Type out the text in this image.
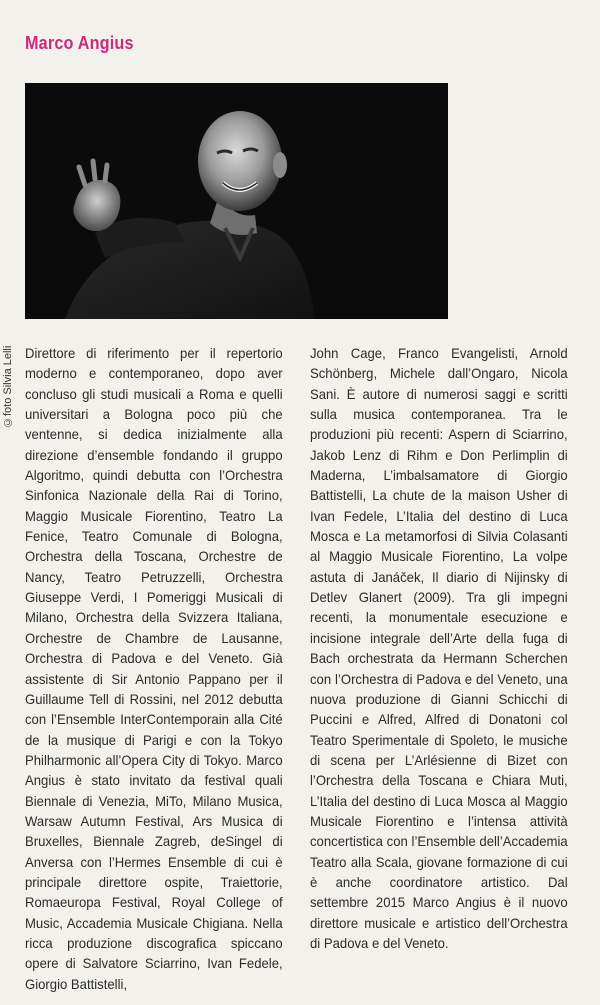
Marco Angius
©foto Silvia Lelli Direttore di riferimento per il repertorio moderno e contemporaneo, dopo aver concluso gli studi musicali a Roma e quelli universitari a Bologna poco più che ventenne, si dedica inizialmente alla direzione d’ensemble fondando il gruppo Algoritmo, quindi debutta con l’Orchestra Sinfonica Nazionale della Rai di Torino, Maggio Musicale Fiorentino, Teatro La Fenice, Teatro Comunale di Bologna, Orchestra della Toscana, Orchestre de Nancy, Teatro Petruzzelli, Orchestra Giuseppe Verdi, I Pomeriggi Musicali di Milano, Orchestra della Svizzera Italiana, Orchestre de Chambre de Lausanne, Orchestra di Padova e del Veneto. Già assistente di Sir Antonio Pappano per il Guillaume Tell di Rossini, nel 2012 debutta con l’Ensemble InterContemporain alla Cité de la musique di Parigi e con la Tokyo Philharmonic all’Opera City di Tokyo. Marco Angius è stato invitato da festival quali Biennale di Venezia, MiTo, Milano Musica, Warsaw Autumn Festival, Ars Musica di Bruxelles, Biennale Zagreb, deSingel di Anversa con l’Hermes Ensemble di cui è principale direttore ospite, Traiettorie, Romaeuropa Festival, Royal College of Music, Accademia Musicale Chigiana. Nella ricca produzione discografica spiccano opere di Salvatore Sciarrino, Ivan Fedele, Giorgio Battistelli,

John Cage, Franco Evangelisti, Arnold Schönberg, Michele dall’Ongaro, Nicola Sani. È autore di numerosi saggi e scritti sulla musica contemporanea. Tra le produzioni più recenti: Aspern di Sciarrino, Jakob Lenz di Rihm e Don Perlimplin di Maderna, L’imbalsamatore di Giorgio Battistelli, La chute de la maison Usher di Ivan Fedele, L’Italia del destino di Luca Mosca e La metamorfosi di Silvia Colasanti al Maggio Musicale Fiorentino, La volpe astuta di Janáček, Il diario di Nijinsky di Detlev Glanert (2009). Tra gli impegni recenti, la monumentale esecuzione e incisione integrale dell’Arte della fuga di Bach orchestrata da Hermann Scherchen con l’Orchestra di Padova e del Veneto, una nuova produzione di Gianni Schicchi di Puccini e Alfred, Alfred di Donatoni col Teatro Sperimentale di Spoleto, le musiche di scena per L’Arlésienne di Bizet con l’Orchestra della Toscana e Chiara Muti, L’Italia del destino di Luca Mosca al Maggio Musicale Fiorentino e l’intensa attività concertistica con l’Ensemble dell’Accademia Teatro alla Scala, giovane formazione di cui è anche coordinatore artistico. Dal settembre 2015 Marco Angius è il nuovo direttore musicale e artistico dell’Orchestra di Padova e del Veneto.
